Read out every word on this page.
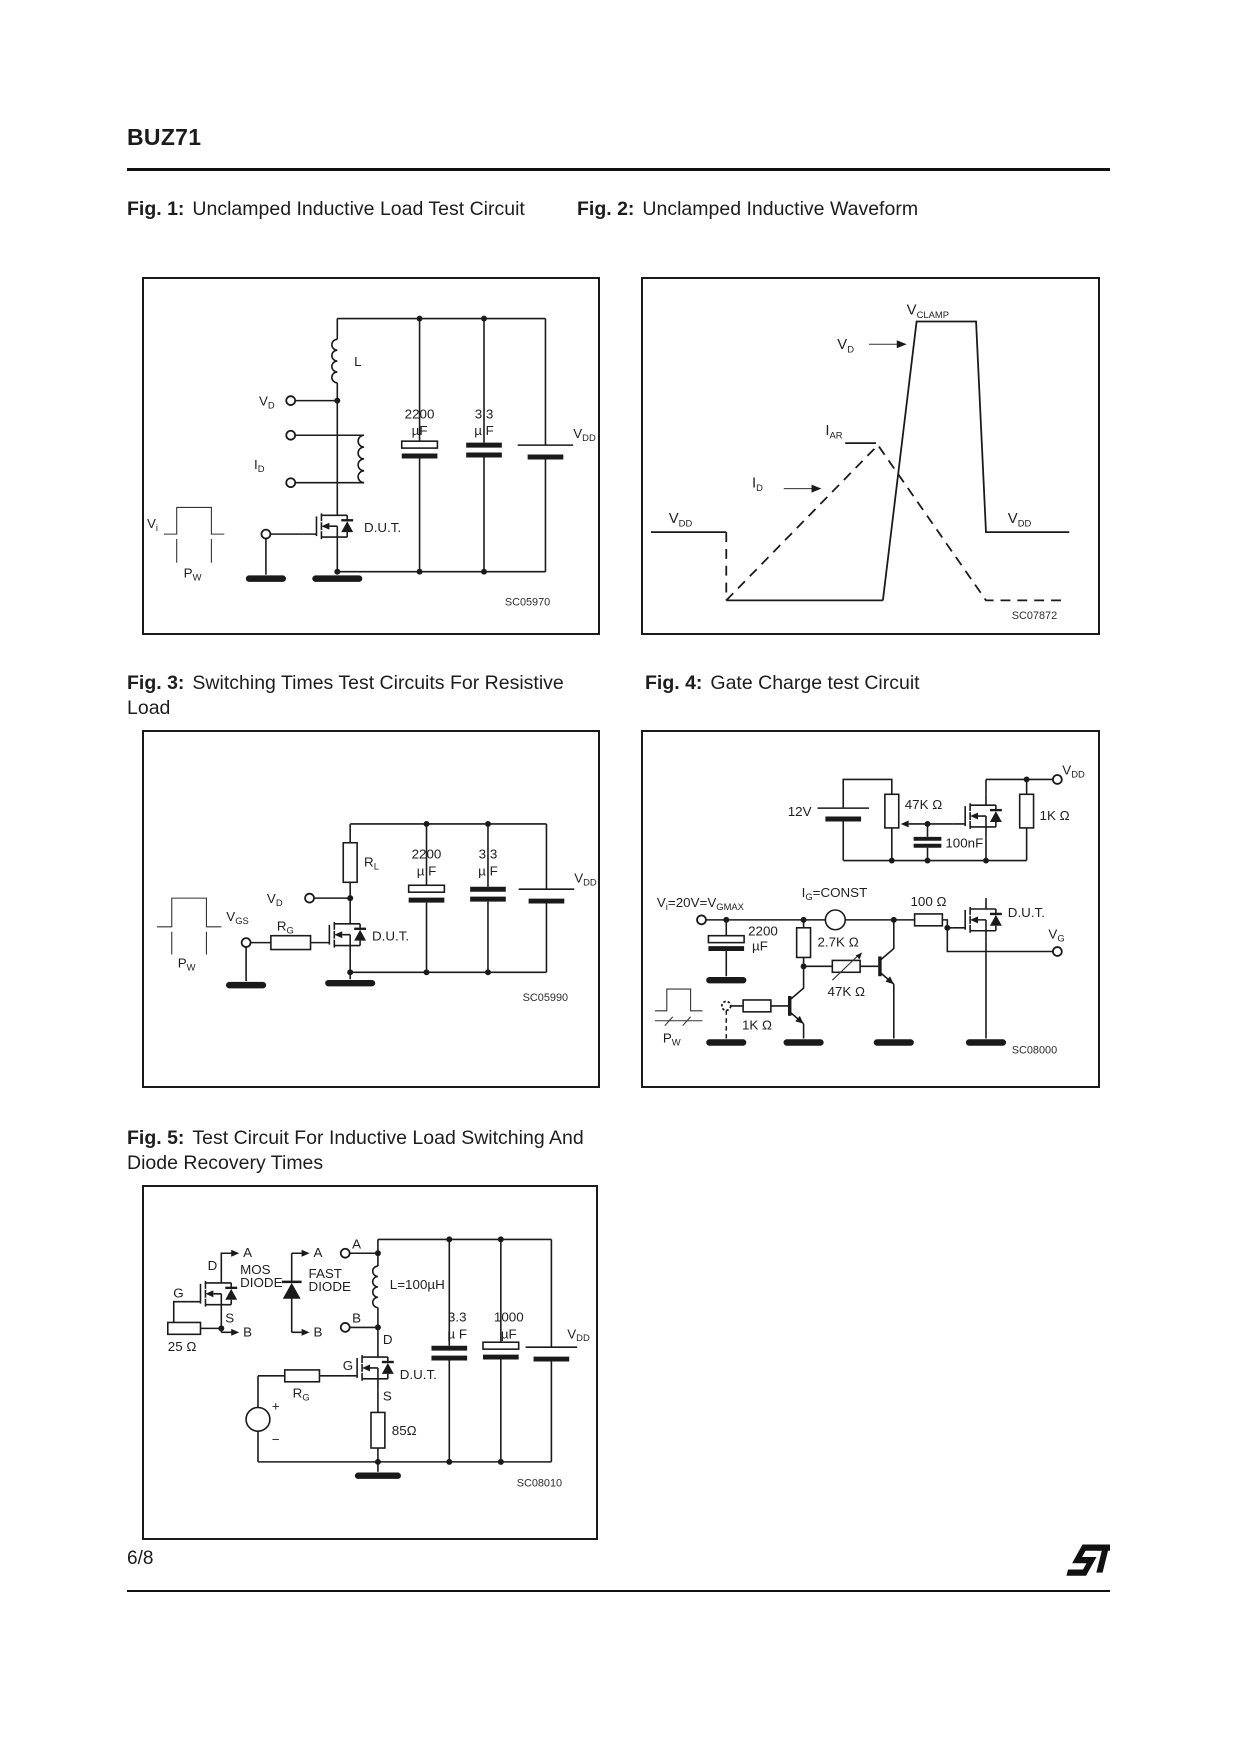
BUZ71
Fig. 1: Unclamped Inductive Load Test Circuit	Fig. 2: Unclamped Inductive Waveform
L
$V_D$
$I_D$
2200
µF
3.3
µ F	$V_{DD}$
D.U.T.
$V_i$
$P_W$
SC05970
$V_{CLAMP}$
$V_D$
$I_{AR}$
$I_D$
$V_{DD}$	$V_{DD}$
SC07872
Fig. 3: Switching Times Test Circuits For Resistive Load
Fig. 4: Gate Charge test Circuit
$R_L$
$V_D$
$R_G$
$V_{GS}$
$P_W$
2200
µ F
3.3
µ F	$V_{DD}$
D.U.T.
SC05990
12V	47K Ω
100nF
1K Ω
$V_{DD}$
$V_i=20V=V_{GMAX}$
$I_G=CONST$
100 Ω
D.U.T.
2200
µF	2.7K Ω
47K Ω
1K Ω
$P_W$
$V_G$
SC08000
Fig. 5: Test Circuit For Inductive Load Switching And Diode Recovery Times
A
B
D
S
G
MOS
DIODE
25 Ω
A
B
FAST
DIODE
A
B
L=100µH
D
G
S
D.U.T.
$R_G$
+
−
85Ω
3.3
µ F
1000
µF	$V_{DD}$
SC08010
6/8
